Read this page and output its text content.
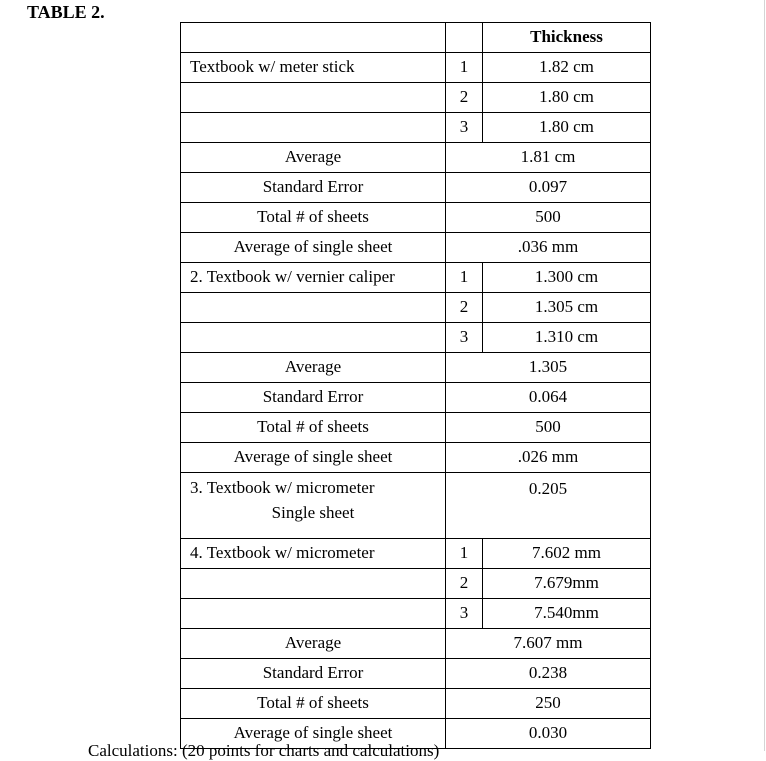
TABLE 2.
		Thickness
Textbook w/ meter stick	1	1.82 cm
	2	1.80 cm
	3	1.80 cm
Average	1.81 cm	
Standard Error	0.097	
Total # of sheets	500	
Average of single sheet	.036 mm	
2. Textbook w/ vernier caliper	1	1.300 cm
	2	1.305 cm
	3	1.310 cm
Average	1.305	
Standard Error	0.064	
Total # of sheets	500	
Average of single sheet	.026 mm	

3. Textbook w/ micrometer
Single sheet	0.205	
4. Textbook w/ micrometer	1	7.602 mm
	2	7.679mm
	3	7.540mm
Average	7.607 mm	
Standard Error	0.238	
Total # of sheets	250	
Average of single sheet	0.030	
Calculations: (20 points for charts and calculations)
